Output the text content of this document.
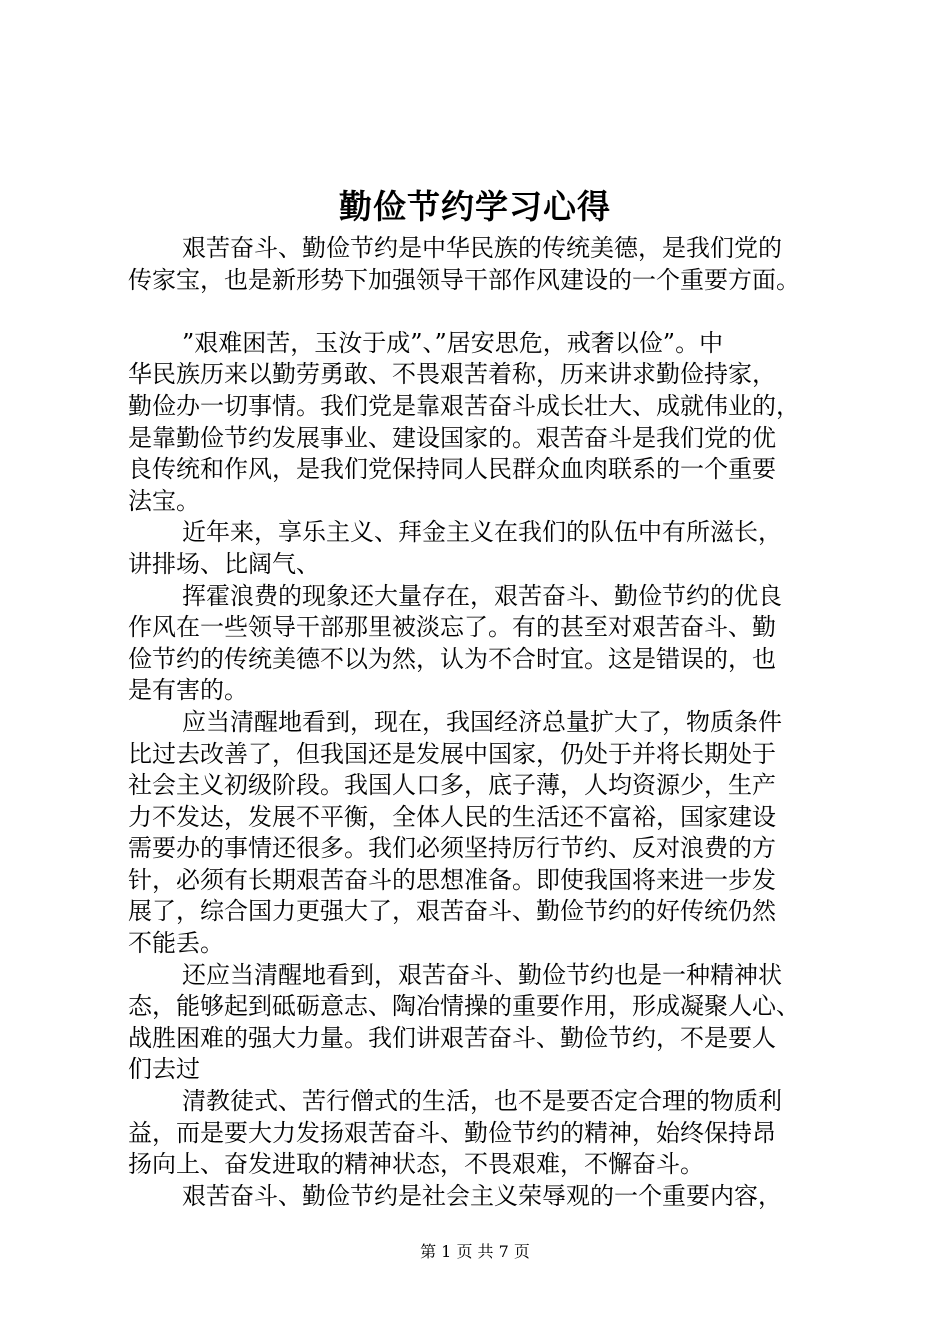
勤俭节约学习心得
艰苦奋斗、勤俭节约是中华民族的传统美德，是我们党的
传家宝，也是新形势下加强领导干部作风建设的一个重要方面。
”艰难困苦，玉汝于成”、”居安思危，戒奢以俭”。中
华民族历来以勤劳勇敢、不畏艰苦着称，历来讲求勤俭持家，
勤俭办一切事情。我们党是靠艰苦奋斗成长壮大、成就伟业的，
是靠勤俭节约发展事业、建设国家的。艰苦奋斗是我们党的优
良传统和作风，是我们党保持同人民群众血肉联系的一个重要
法宝。
近年来，享乐主义、拜金主义在我们的队伍中有所滋长，
讲排场、比阔气、
挥霍浪费的现象还大量存在，艰苦奋斗、勤俭节约的优良
作风在一些领导干部那里被淡忘了。有的甚至对艰苦奋斗、勤
俭节约的传统美德不以为然，认为不合时宜。这是错误的，也
是有害的。
应当清醒地看到，现在，我国经济总量扩大了，物质条件
比过去改善了，但我国还是发展中国家，仍处于并将长期处于
社会主义初级阶段。我国人口多，底子薄，人均资源少，生产
力不发达，发展不平衡，全体人民的生活还不富裕，国家建设
需要办的事情还很多。我们必须坚持厉行节约、反对浪费的方
针，必须有长期艰苦奋斗的思想准备。即使我国将来进一步发
展了，综合国力更强大了，艰苦奋斗、勤俭节约的好传统仍然
不能丢。
还应当清醒地看到，艰苦奋斗、勤俭节约也是一种精神状
态，能够起到砥砺意志、陶冶情操的重要作用，形成凝聚人心、
战胜困难的强大力量。我们讲艰苦奋斗、勤俭节约，不是要人
们去过
清教徒式、苦行僧式的生活，也不是要否定合理的物质利
益，而是要大力发扬艰苦奋斗、勤俭节约的精神，始终保持昂
扬向上、奋发进取的精神状态，不畏艰难，不懈奋斗。
艰苦奋斗、勤俭节约是社会主义荣辱观的一个重要内容，
第 1 页 共 7 页
